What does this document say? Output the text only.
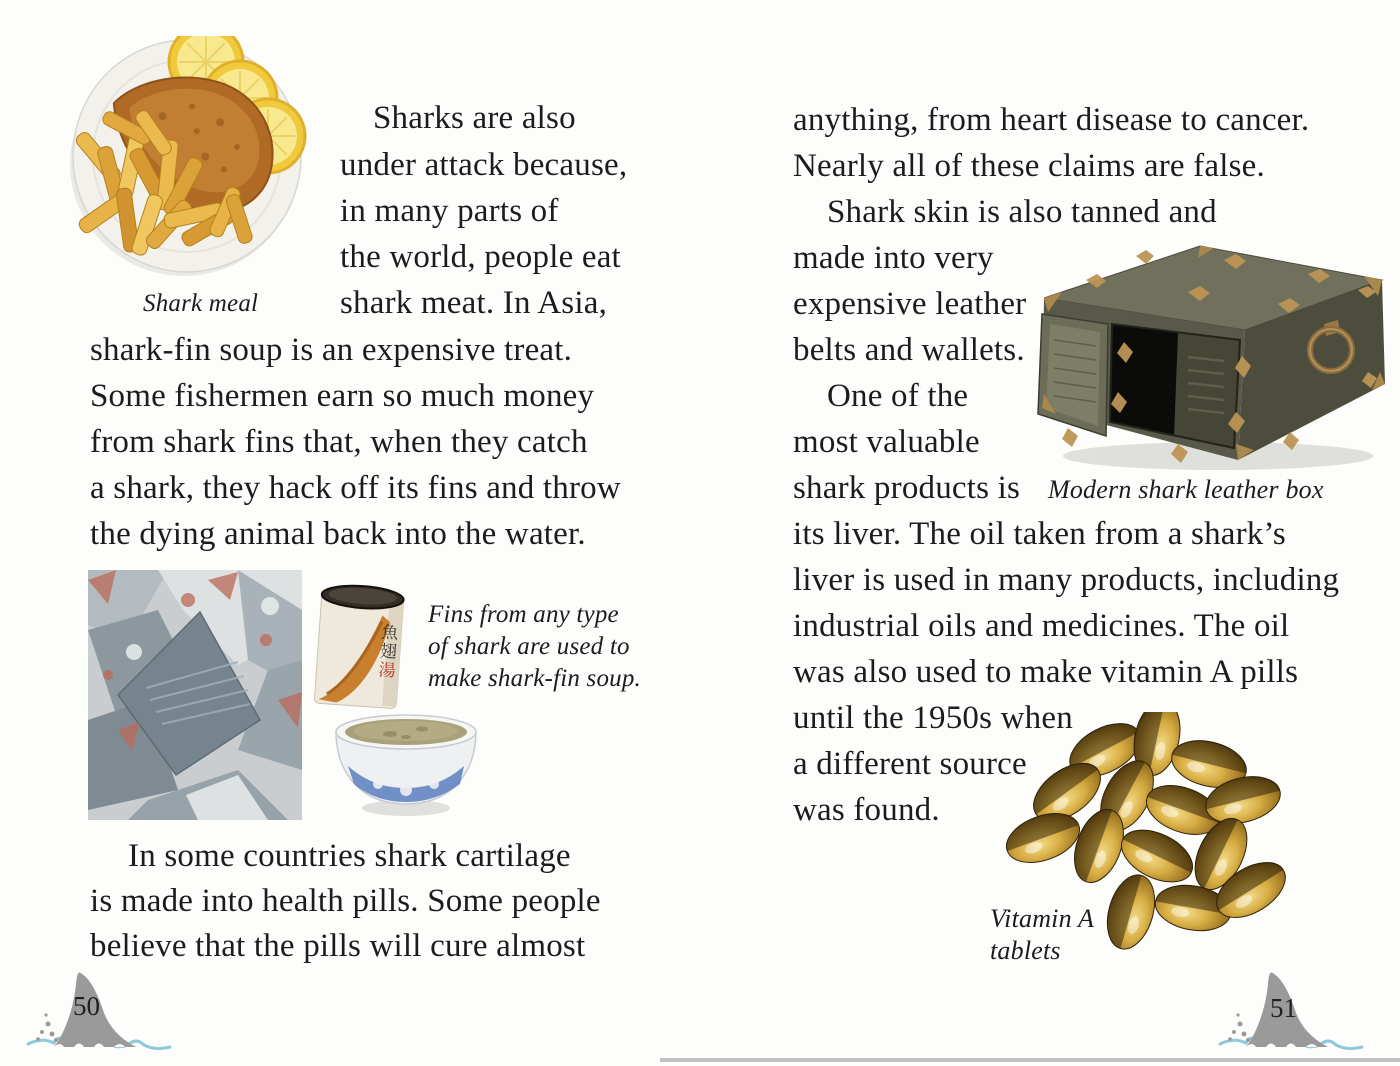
Shark meal
Sharks are also
under attack because,
in many parts of
the world, people eat
shark meat. In Asia,
shark-fin soup is an expensive treat.
Some fishermen earn so much money
from shark fins that, when they catch
a shark, they hack off its fins and throw
the dying animal back into the water.
魚
翅
湯
Fins from any type
of shark are used to
make shark-fin soup.
In some countries shark cartilage
is made into health pills. Some people
believe that the pills will cure almost
50
anything, from heart disease to cancer.
Nearly all of these claims are false.
Shark skin is also tanned and
made into very
expensive leather
belts and wallets.
One of the
most valuable
shark products is Modern shark leather box
its liver. The oil taken from a shark’s
liver is used in many products, including
industrial oils and medicines. The oil
was also used to make vitamin A pills
until the 1950s when
a different source
was found.
Vitamin A
tablets
51
